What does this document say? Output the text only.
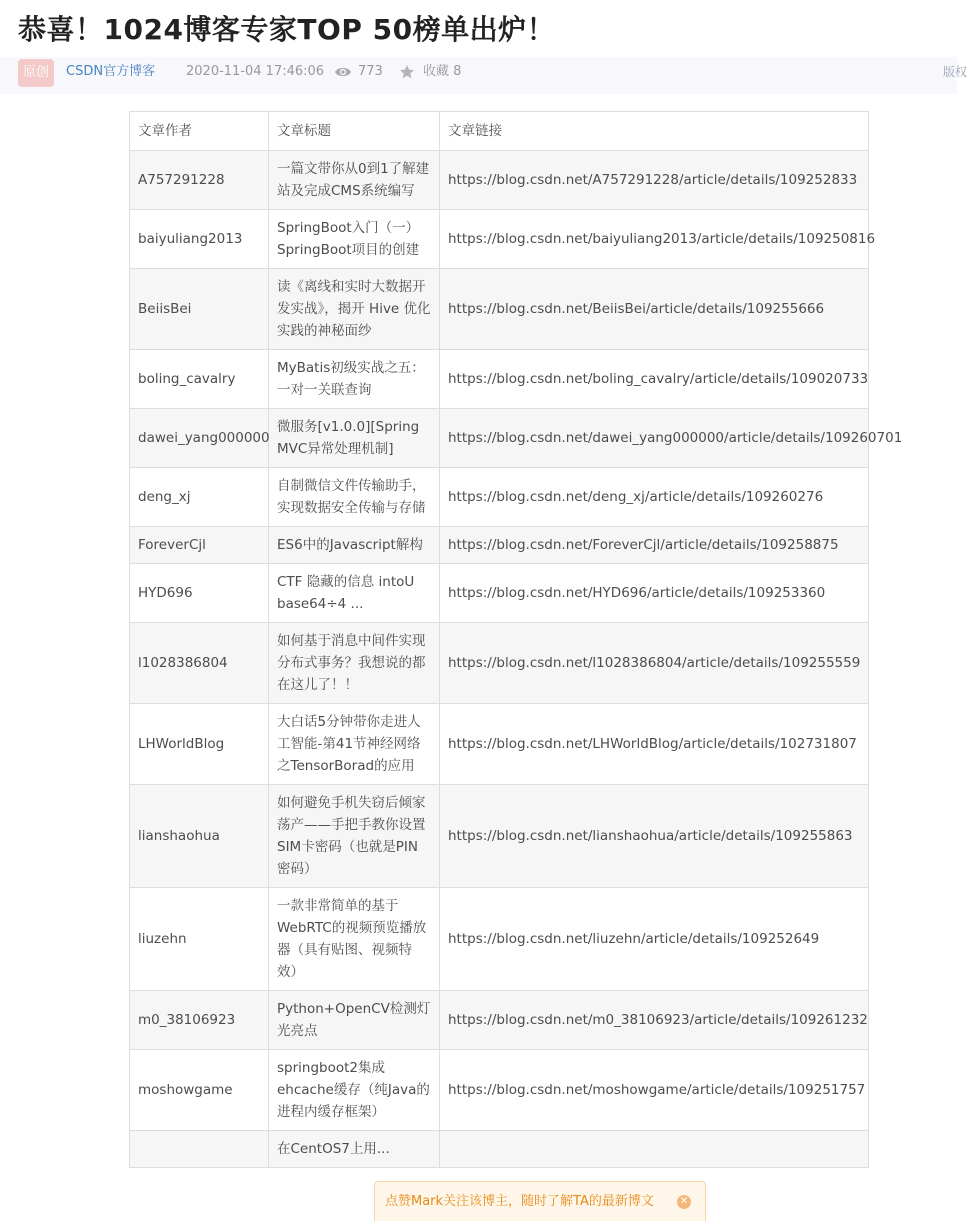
恭喜！1024博客专家TOP 50榜单出炉！
原创	CSDN官方博客 2020-11-04 17:46:06	773	收藏 8	版权
文章作者	文章标题	文章链接
A757291228	一篇文带你从0到1了解建站及完成CMS系统编写	https://blog.csdn.net/A757291228/article/details/109252833
baiyuliang2013	SpringBoot入门（一）SpringBoot项目的创建	https://blog.csdn.net/baiyuliang2013/article/details/109250816
BeiisBei	读《离线和实时大数据开发实战》，揭开 Hive 优化实践的神秘面纱	https://blog.csdn.net/BeiisBei/article/details/109255666
boling_cavalry	MyBatis初级实战之五：一对一关联查询	https://blog.csdn.net/boling_cavalry/article/details/109020733
dawei_yang000000	微服务[v1.0.0][Spring MVC异常处理机制]	https://blog.csdn.net/dawei_yang000000/article/details/109260701
deng_xj	自制微信文件传输助手，实现数据安全传输与存储	https://blog.csdn.net/deng_xj/article/details/109260276
ForeverCjl	ES6中的Javascript解构	https://blog.csdn.net/ForeverCjl/article/details/109258875
HYD696	CTF 隐藏的信息 intoU base64÷4 ...	https://blog.csdn.net/HYD696/article/details/109253360
l1028386804	如何基于消息中间件实现分布式事务？我想说的都在这儿了！！	https://blog.csdn.net/l1028386804/article/details/109255559
LHWorldBlog	大白话5分钟带你走进人工智能-第41节神经网络之TensorBorad的应用	https://blog.csdn.net/LHWorldBlog/article/details/102731807
lianshaohua	如何避免手机失窃后倾家荡产——手把手教你设置SIM卡密码（也就是PIN密码）	https://blog.csdn.net/lianshaohua/article/details/109255863
liuzehn	一款非常简单的基于WebRTC的视频预览播放器（具有贴图、视频特效）	https://blog.csdn.net/liuzehn/article/details/109252649
m0_38106923	Python+OpenCV检测灯光亮点	https://blog.csdn.net/m0_38106923/article/details/109261232
moshowgame	springboot2集成ehcache缓存（纯Java的进程内缓存框架）	https://blog.csdn.net/moshowgame/article/details/109251757
	在CentOS7上用...	
点赞Mark关注该博主，随时了解TA的最新博文	✕
